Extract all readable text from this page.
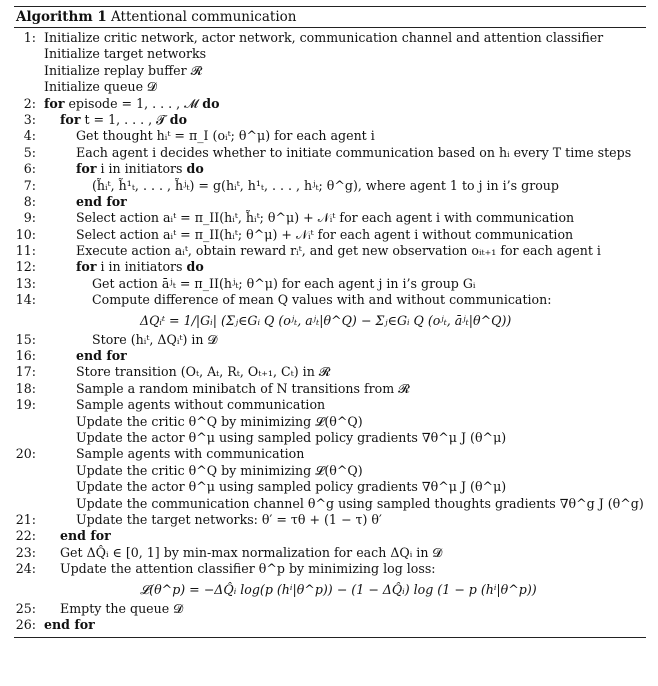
Algorithm 1 Attentional communication
1: Initialize critic network, actor network, communication channel and attention classifier
Initialize target networks
Initialize replay buffer 𝓡
Initialize queue 𝓓
2: for episode = 1, . . . , 𝓜 do
3: for t = 1, . . . , 𝓣 do
4:	Get thought hᵢᵗ = π_I (oᵢᵗ; θ^μ) for each agent i
5:	Each agent i decides whether to initiate communication based on hᵢ every T time steps
6:	for i in initiators do
7:	(h̃ᵢᵗ, h̃¹ₜ, . . . , h̃ʲₜ) = g(hᵢᵗ, h¹ₜ, . . . , hʲₜ; θ^g), where agent 1 to j in i’s group
8:	end for
9:	Select action aᵢᵗ = π_II(hᵢᵗ, h̃ᵢᵗ; θ^μ) + 𝒩ᵢᵗ for each agent i with communication
10:	Select action aᵢᵗ = π_II(hᵢᵗ; θ^μ) + 𝒩ᵢᵗ for each agent i without communication
11:	Execute action aᵢᵗ, obtain reward rᵢᵗ, and get new observation oᵢₜ₊₁ for each agent i
12:	for i in initiators do
13:	Get action āʲₜ = π_II(hʲₜ; θ^μ) for each agent j in i’s group Gᵢ
14:	Compute difference of mean Q values with and without communication:
ΔQᵢᵗ = 1/|Gᵢ| (Σⱼ∈Gᵢ Q (oʲₜ, aʲₜ|θ^Q) − Σⱼ∈Gᵢ Q (oʲₜ, āʲₜ|θ^Q))
15:	Store (hᵢᵗ, ΔQᵢᵗ) in 𝓓
16:	end for
17:	Store transition (Oₜ, Aₜ, Rₜ, Oₜ₊₁, Cₜ) in 𝓡
18:	Sample a random minibatch of N transitions from 𝓡
19:	Sample agents without communication
Update the critic θ^Q by minimizing 𝓛(θ^Q)
Update the actor θ^μ using sampled policy gradients ∇θ^μ J (θ^μ)
20:	Sample agents with communication
Update the critic θ^Q by minimizing 𝓛(θ^Q)
Update the actor θ^μ using sampled policy gradients ∇θ^μ J (θ^μ)
Update the communication channel θ^g using sampled thoughts gradients ∇θ^g J (θ^g)
21:	Update the target networks: θ′ = τθ + (1 − τ) θ′
22: end for
23: Get ΔQ̂ᵢ ∈ [0, 1] by min-max normalization for each ΔQᵢ in 𝓓
24: Update the attention classifier θ^p by minimizing log loss:
𝓛(θ^p) = −ΔQ̂ᵢ log(p (hⁱ|θ^p)) − (1 − ΔQ̂ᵢ) log (1 − p (hⁱ|θ^p))
25: Empty the queue 𝓓
26: end for
